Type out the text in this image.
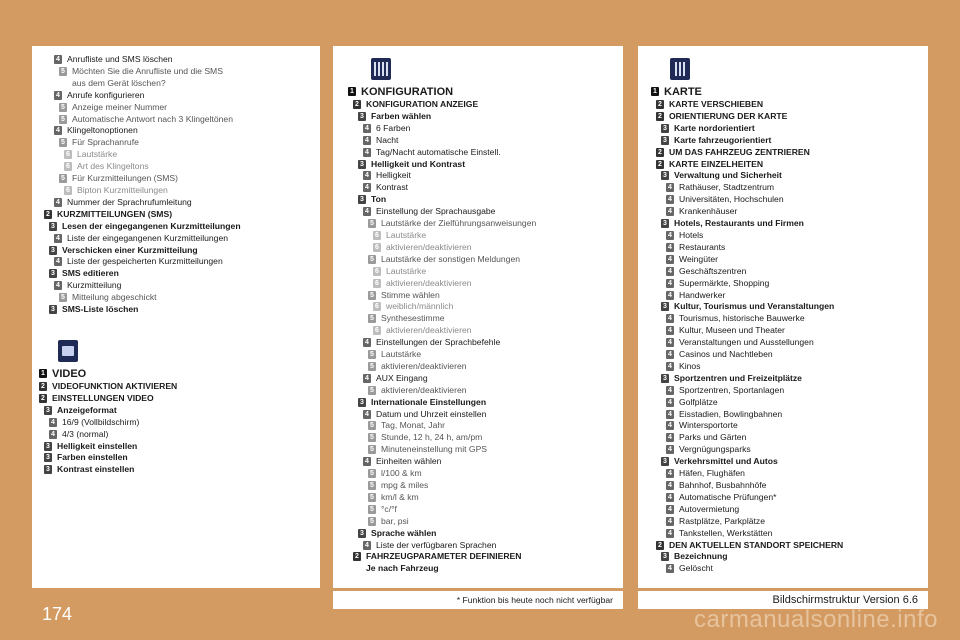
4 Anrufliste und SMS löschen
5 Möchten Sie die Anrufliste und die SMS
aus dem Gerät löschen?
4 Anrufe konfigurieren
5 Anzeige meiner Nummer
5 Automatische Antwort nach 3 Klingeltönen
4 Klingeltonoptionen
5 Für Sprachanrufe
6 Lautstärke
6 Art des Klingeltons
5 Für Kurzmitteilungen (SMS)
6 Bipton Kurzmitteilungen
4 Nummer der Sprachrufumleitung
2 KURZMITTEILUNGEN (SMS)
3 Lesen der eingegangenen Kurzmitteilungen
4 Liste der eingegangenen Kurzmitteilungen
3 Verschicken einer Kurzmitteilung
4 Liste der gespeicherten Kurzmitteilungen
3 SMS editieren
4 Kurzmitteilung
5 Mitteilung abgeschickt
3 SMS-Liste löschen
1 VIDEO
2 VIDEOFUNKTION AKTIVIEREN
2 EINSTELLUNGEN VIDEO
3 Anzeigeformat
4 16/9 (Vollbildschirm)
4 4/3 (normal)
3 Helligkeit einstellen
3 Farben einstellen
3 Kontrast einstellen
1 KONFIGURATION
2 KONFIGURATION ANZEIGE
3 Farben wählen
4 6 Farben
4 Nacht
4 Tag/Nacht automatische Einstell.
3 Helligkeit und Kontrast
4 Helligkeit
4 Kontrast
3 Ton
4 Einstellung der Sprachausgabe
5 Lautstärke der Zielführungsanweisungen
6 Lautstärke
6 aktivieren/deaktivieren
5 Lautstärke der sonstigen Meldungen
6 Lautstärke
6 aktivieren/deaktivieren
5 Stimme wählen
6 weiblich/männlich
5 Synthesestimme
6 aktivieren/deaktivieren
4 Einstellungen der Sprachbefehle
5 Lautstärke
5 aktivieren/deaktivieren
4 AUX Eingang
5 aktivieren/deaktivieren
3 Internationale Einstellungen
4 Datum und Uhrzeit einstellen
5 Tag, Monat, Jahr
5 Stunde, 12 h, 24 h, am/pm
5 Minuteneinstellung mit GPS
4 Einheiten wählen
5 l/100 & km
5 mpg & miles
5 km/l & km
5 °c/°f
5 bar, psi
3 Sprache wählen
4 Liste der verfügbaren Sprachen
2 FAHRZEUGPARAMETER DEFINIEREN
Je nach Fahrzeug
1 KARTE
2 KARTE VERSCHIEBEN
2 ORIENTIERUNG DER KARTE
3 Karte nordorientiert
3 Karte fahrzeugorientiert
2 UM DAS FAHRZEUG ZENTRIEREN
2 KARTE EINZELHEITEN
3 Verwaltung und Sicherheit
4 Rathäuser, Stadtzentrum
4 Universitäten, Hochschulen
4 Krankenhäuser
3 Hotels, Restaurants und Firmen
4 Hotels
4 Restaurants
4 Weingüter
4 Geschäftszentren
4 Supermärkte, Shopping
4 Handwerker
3 Kultur, Tourismus und Veranstaltungen
4 Tourismus, historische Bauwerke
4 Kultur, Museen und Theater
4 Veranstaltungen und Ausstellungen
4 Casinos und Nachtleben
4 Kinos
3 Sportzentren und Freizeitplätze
4 Sportzentren, Sportanlagen
4 Golfplätze
4 Eisstadien, Bowlingbahnen
4 Wintersportorte
4 Parks und Gärten
4 Vergnügungsparks
3 Verkehrsmittel und Autos
4 Häfen, Flughäfen
4 Bahnhof, Busbahnhöfe
4 Automatische Prüfungen*
4 Autovermietung
4 Rastplätze, Parkplätze
4 Tankstellen, Werkstätten
2 DEN AKTUELLEN STANDORT SPEICHERN
3 Bezeichnung
4 Gelöscht
* Funktion bis heute noch nicht verfügbar	Bildschirmstruktur Version 6.6
174	carmanualsonline.info
